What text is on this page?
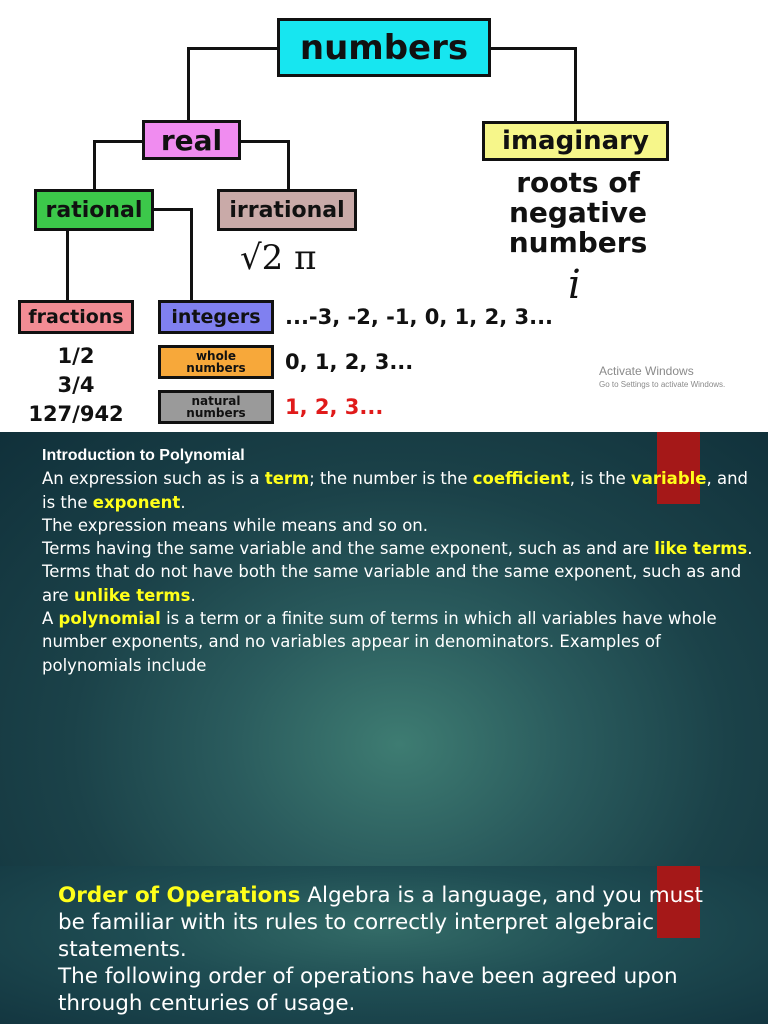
numbers
real	imaginary
rational	irrational
√2 π
roots of
negative
numbers
i
fractions
1/2
3/4
127/942
integers ...-3, -2, -1, 0, 1, 2, 3...
whole
numbers 0, 1, 2, 3...
natural
numbers 1, 2, 3...
Activate Windows
Go to Settings to activate Windows.
Introduction to Polynomial
An expression such as is a term; the number is the coefficient, is the variable, and is the exponent.
The expression means while means and so on.
Terms having the same variable and the same exponent, such as and are like terms.
Terms that do not have both the same variable and the same exponent, such as and are unlike terms.
A polynomial is a term or a finite sum of terms in which all variables have whole number exponents, and no variables appear in denominators. Examples of polynomials include
Order of Operations Algebra is a language, and you must be familiar with its rules to correctly interpret algebraic statements.
The following order of operations have been agreed upon through centuries of usage.
